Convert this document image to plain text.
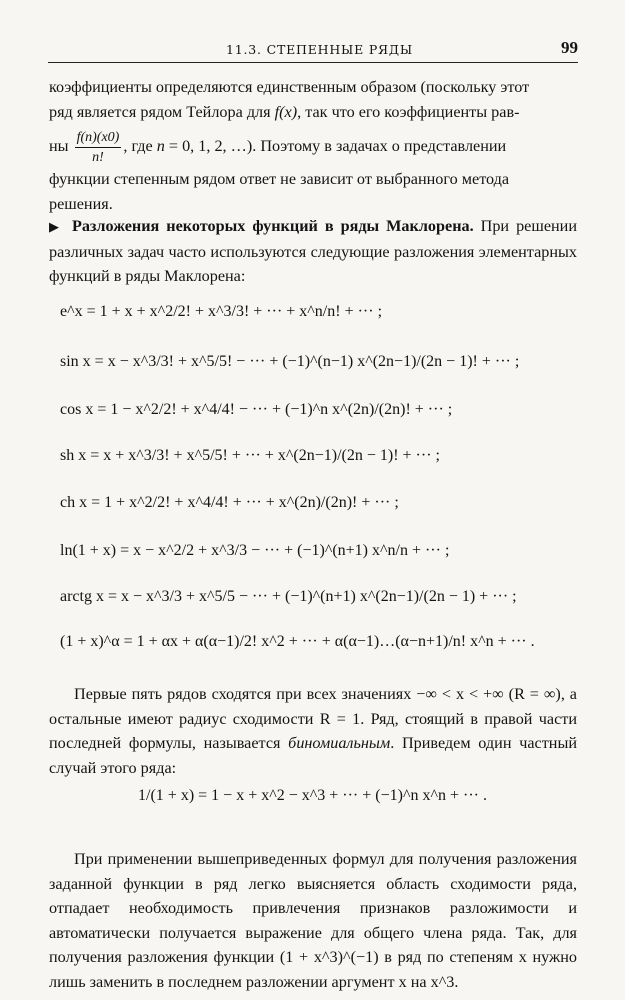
11.3. СТЕПЕННЫЕ РЯДЫ	99
коэффициенты определяются единственным образом (поскольку этот
ряд является рядом Тейлора для f(x), так что его коэффициенты рав-
ны $\frac{f(n)(x0)}{n!}$ , где n = 0, 1, 2, …). Поэтому в задачах о представлении
функции степенным рядом ответ не зависит от выбранного метода
решения.
▶ Разложения некоторых функций в ряды Маклорена. При решении различных задач часто используются следующие разложения элементарных функций в ряды Маклорена:
e^x = 1 + x + x^2/2! + x^3/3! + ··· + x^n/n! + ··· ;
sin x = x − x^3/3! + x^5/5! − ··· + (−1)^(n−1) x^(2n−1)/(2n − 1)! + ··· ;
cos x = 1 − x^2/2! + x^4/4! − ··· + (−1)^n x^(2n)/(2n)! + ··· ;
sh x = x + x^3/3! + x^5/5! + ··· + x^(2n−1)/(2n − 1)! + ··· ;
ch x = 1 + x^2/2! + x^4/4! + ··· + x^(2n)/(2n)! + ··· ;
ln(1 + x) = x − x^2/2 + x^3/3 − ··· + (−1)^(n+1) x^n/n + ··· ;
arctg x = x − x^3/3 + x^5/5 − ··· + (−1)^(n+1) x^(2n−1)/(2n − 1) + ··· ;
(1 + x)^α = 1 + αx + α(α−1)/2! x^2 + ··· + α(α−1)…(α−n+1)/n! x^n + ··· .
Первые пять рядов сходятся при всех значениях −∞ < x < +∞ (R = ∞), а остальные имеют радиус сходимости R = 1. Ряд, стоящий в правой части последней формулы, называется биномиальным. Приведем один частный случай этого ряда:
1/(1 + x) = 1 − x + x^2 − x^3 + ··· + (−1)^n x^n + ··· .
При применении вышеприведенных формул для получения разложения заданной функции в ряд легко выясняется область сходимости ряда, отпадает необходимость привлечения признаков разложимости и автоматически получается выражение для общего члена ряда. Так, для получения разложения функции (1 + x^3)^(−1) в ряд по степеням x нужно лишь заменить в последнем разложении аргумент x на x^3.
